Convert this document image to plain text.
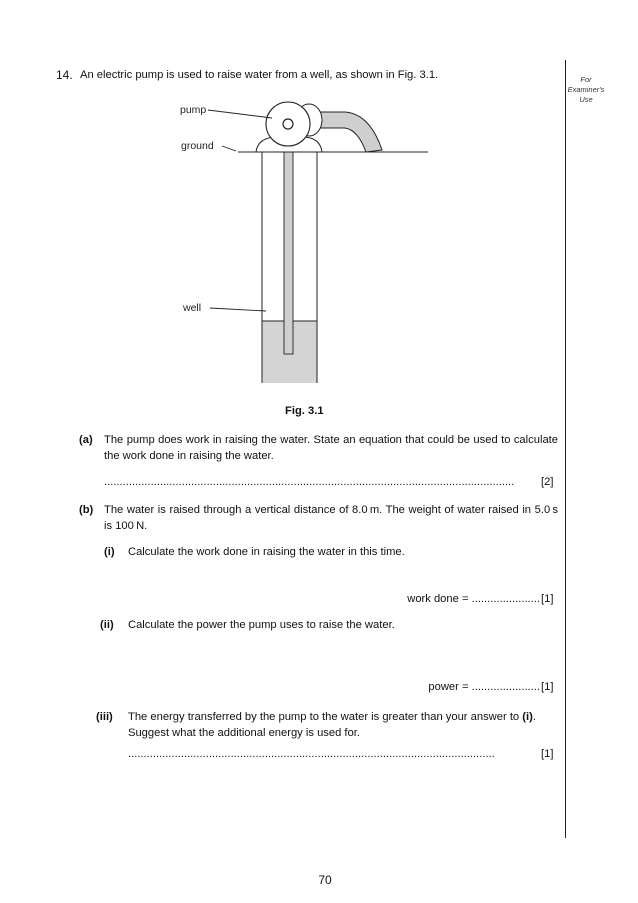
For
Examiner's
Use
14. An electric pump is used to raise water from a well, as shown in Fig. 3.1.
pump
ground
well
Fig. 3.1
(a) The pump does work in raising the water. State an equation that could be used to calculate the work done in raising the water.
....................................................................................................................................	[2]
(b) The water is raised through a vertical distance of 8.0 m. The weight of water raised in 5.0 s is 100 N.
(i) Calculate the work done in raising the water in this time.
work done = ...................... [1]
(ii) Calculate the power the pump uses to raise the water.
power = ...................... [1]
(iii) The energy transferred by the pump to the water is greater than your answer to (i).
Suggest what the additional energy is used for.
......................................................................................................................	[1]
70
